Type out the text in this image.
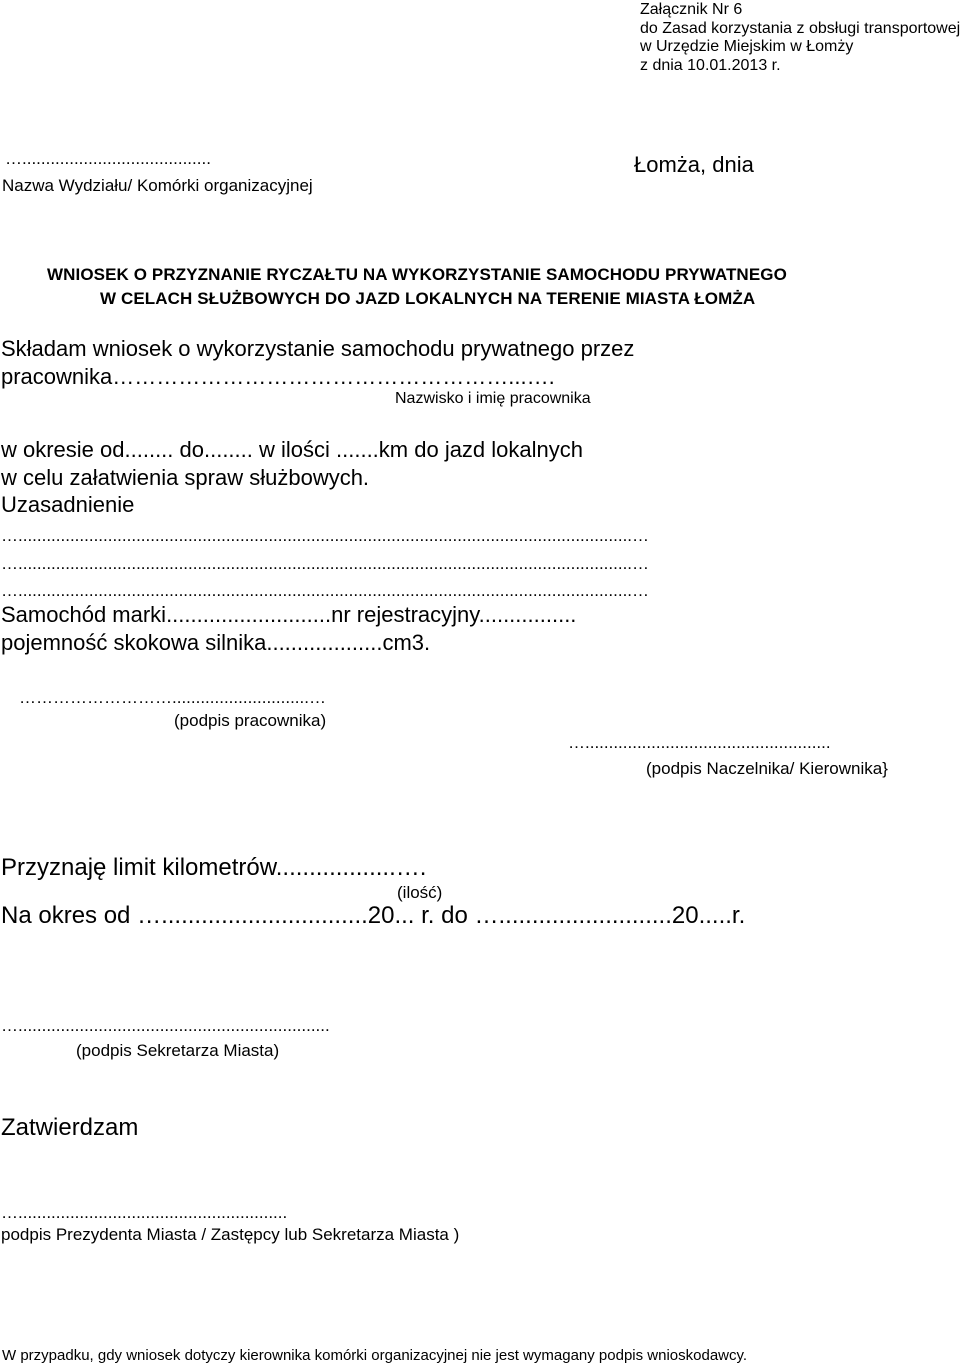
Załącznik Nr 6
do Zasad korzystania z obsługi transportowej
w Urzędzie Miejskim w Łomży
z dnia 10.01.2013 r.
…........................................
Nazwa Wydziału/ Komórki organizacyjnej
Łomża, dnia
WNIOSEK O PRZYZNANIE RYCZAŁTU NA WYKORZYSTANIE SAMOCHODU PRYWATNEGO
W CELACH SŁUŻBOWYCH DO JAZD LOKALNYCH NA TERENIE MIASTA ŁOMŻA
Składam wniosek o wykorzystanie samochodu prywatnego przez
pracownika………………………………………………...….
Nazwisko i imię pracownika
w okresie od........ do........ w ilości .......km do jazd lokalnych
w celu załatwienia spraw służbowych.
Uzasadnienie
…..................................................................................................................................…
…..................................................................................................................................…
…..................................................................................................................................…
Samochód marki...........................nr rejestracyjny................
pojemność skokowa silnika...................cm3.
……………………….............................…
(podpis pracownika)
…....................................................
(podpis Naczelnika/ Kierownika}
Przyznaję limit kilometrów..................….
(ilość)
Na okres od …...............................20... r. do …..........................20.....r.
…..................................................................
(podpis Sekretarza Miasta)
Zatwierdzam
….........................................................
podpis Prezydenta Miasta / Zastępcy lub Sekretarza Miasta )
W przypadku, gdy wniosek dotyczy kierownika komórki organizacyjnej nie jest wymagany podpis wnioskodawcy.
